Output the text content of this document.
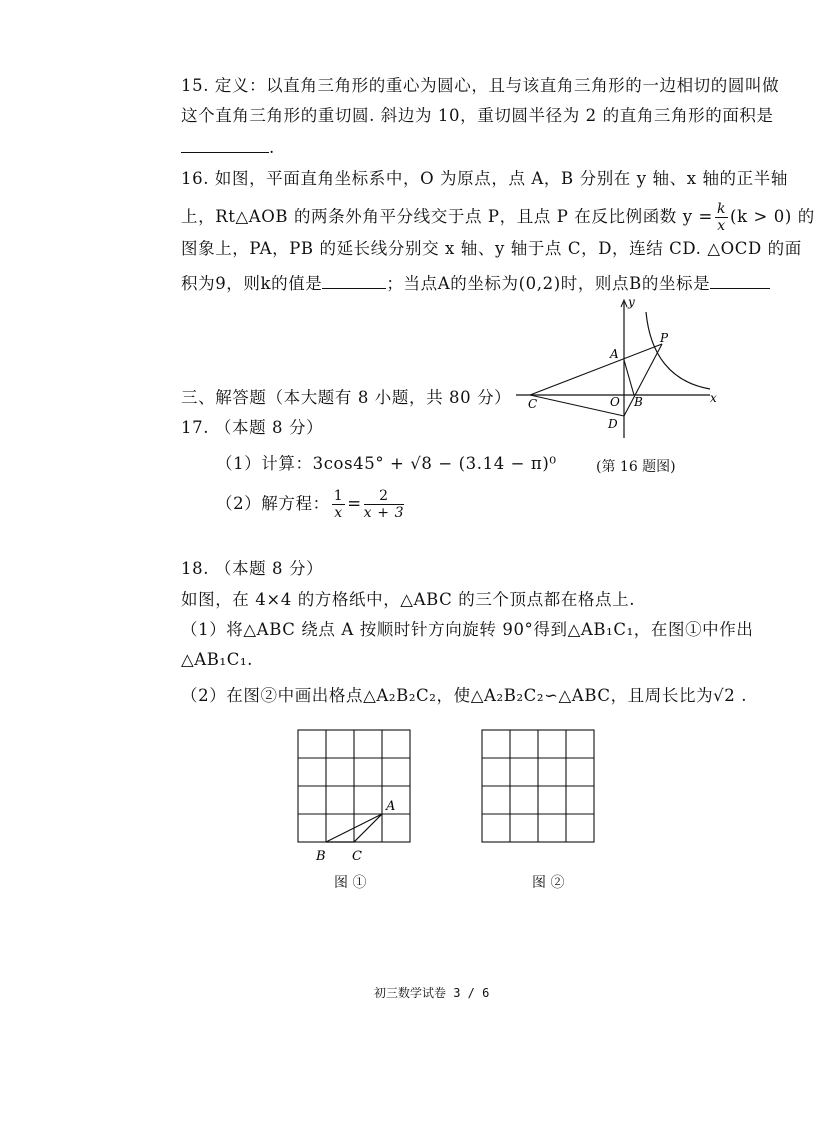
15. 定义：以直角三角形的重心为圆心，且与该直角三角形的一边相切的圆叫做
这个直角三角形的重切圆. 斜边为 10，重切圆半径为 2 的直角三角形的面积是
.
16. 如图，平面直角坐标系中，O 为原点，点 A，B 分别在 y 轴、x 轴的正半轴
上，Rt△AOB 的两条外角平分线交于点 P，且点 P 在反比例函数 $y = \frac{k}{x} (k > 0)$ 的
图象上，PA，PB 的延长线分别交 x 轴、y 轴于点 C，D，连结 CD. △OCD 的面
积为9，则k的值是	；当点A的坐标为(0,2)时，则点B的坐标是
y
x
A
P
C	O B
D
(第 16 题图)
三、解答题（本大题有 8 小题，共 80 分）
17. （本题 8 分）
（1）计算：3cos45° + √8 − (3.14 − π)⁰
（2）解方程： $\frac{1}{x} = \frac{2}{x + 3}$
18. （本题 8 分）
如图，在 4×4 的方格纸中，△ABC 的三个顶点都在格点上.
（1）将△ABC 绕点 A 按顺时针方向旋转 90°得到△AB₁C₁，在图①中作出
△AB₁C₁.
（2）在图②中画出格点△A₂B₂C₂，使△A₂B₂C₂∽△ABC，且周长比为√2 .
A
B C
图 ①	图 ②
初三数学试卷 3 / 6
